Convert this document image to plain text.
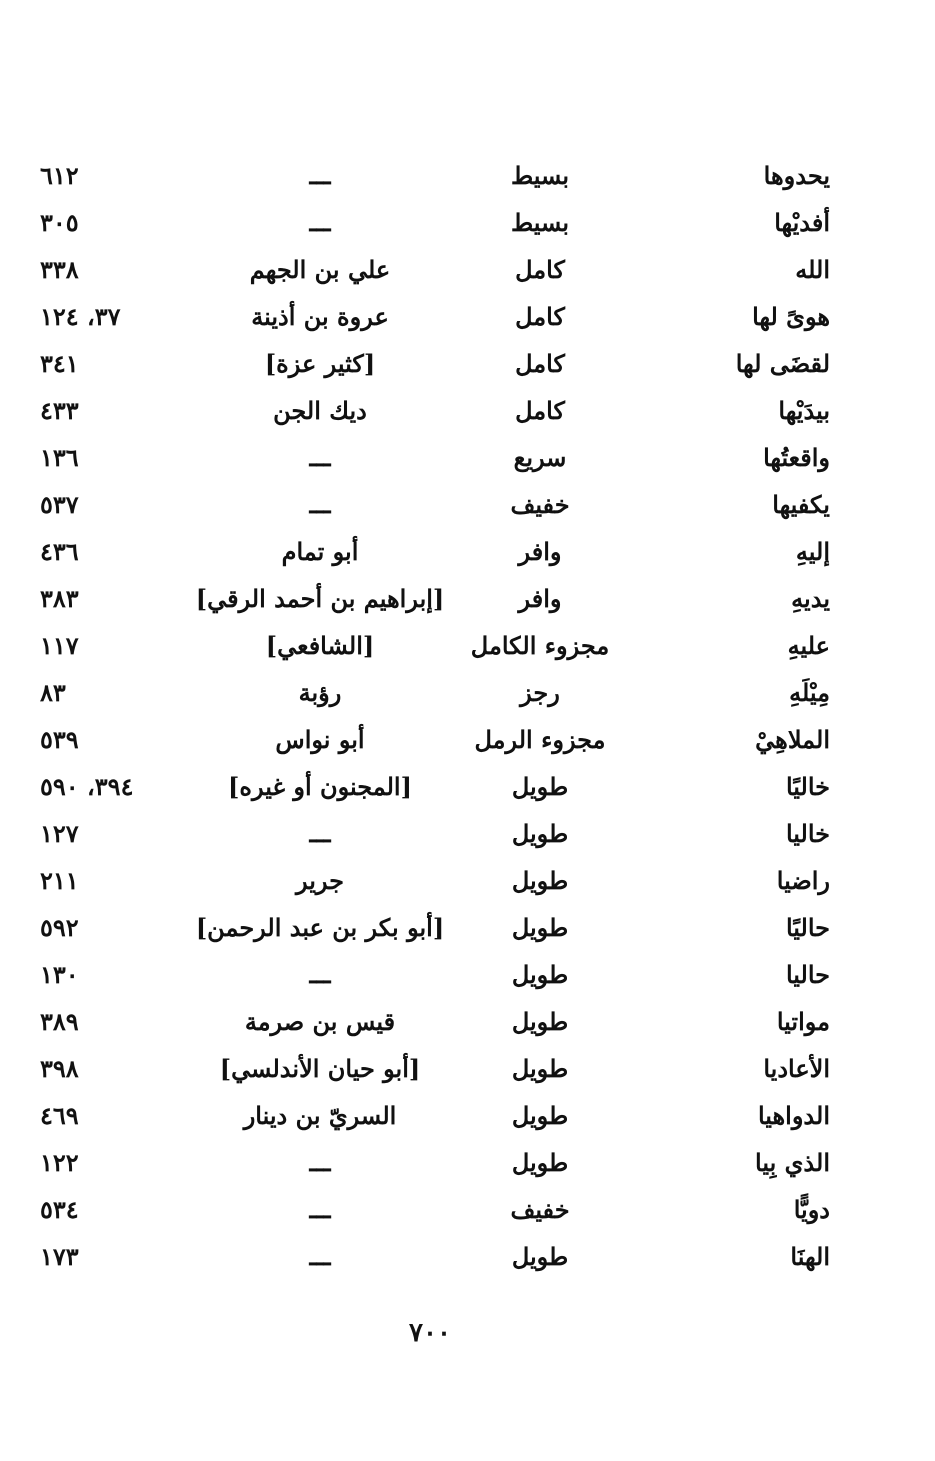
يحدوها
بسيط
ـــ
٦١٢
أفديْها
بسيط
ـــ
٣٠٥
الله
كامل
علي بن الجهم
٣٣٨
هوىً لها
كامل
عروة بن أذينة
٣٧، ١٢٤
لقضَى لها
كامل
[كثير عزة]
٣٤١
بيدَيْها
كامل
ديك الجن
٤٣٣
واقعتُها
سريع
ـــ
١٣٦
يكفيها
خفيف
ـــ
٥٣٧
إليهِ
وافر
أبو تمام
٤٣٦
يديهِ
وافر
[إبراهيم بن أحمد الرقي]
٣٨٣
عليهِ
مجزوء الكامل
[الشافعي]
١١٧
مِيْلَهِ
رجز
رؤبة
٨٣
الملاهِيْ
مجزوء الرمل
أبو نواس
٥٣٩
خاليًا
طويل
[المجنون أو غيره]
٣٩٤، ٥٩٠
خاليا
طويل
ـــ
١٢٧
راضيا
طويل
جرير
٢١١
حاليًا
طويل
[أبو بكر بن عبد الرحمن]
٥٩٢
حاليا
طويل
ـــ
١٣٠
مواتيا
طويل
قيس بن صرمة
٣٨٩
الأعاديا
طويل
[أبو حيان الأندلسي]
٣٩٨
الدواهيا
طويل
السريّ بن دينار
٤٦٩
الذي بِيا
طويل
ـــ
١٢٢
دويًّا
خفيف
ـــ
٥٣٤
الهنَا
طويل
ـــ
١٧٣
٧٠٠
